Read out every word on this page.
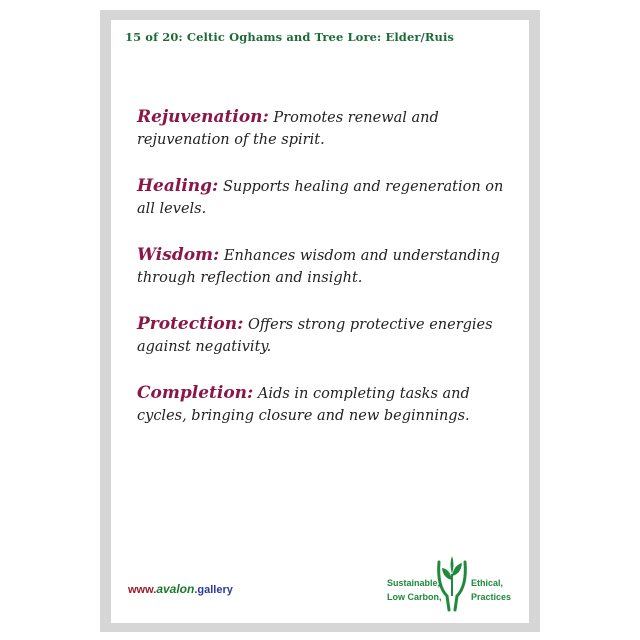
15 of 20: Celtic Oghams and Tree Lore: Elder/Ruis

Rejuvenation: Promotes renewal and rejuvenation of the spirit.

Healing: Supports healing and regeneration on all levels.

Wisdom: Enhances wisdom and understanding through reflection and insight.

Protection: Offers strong protective energies against negativity.

Completion: Aids in completing tasks and cycles, bringing closure and new beginnings.

www.avalon.gallery
Sustainable,
Low Carbon,
Ethical,
Practices
